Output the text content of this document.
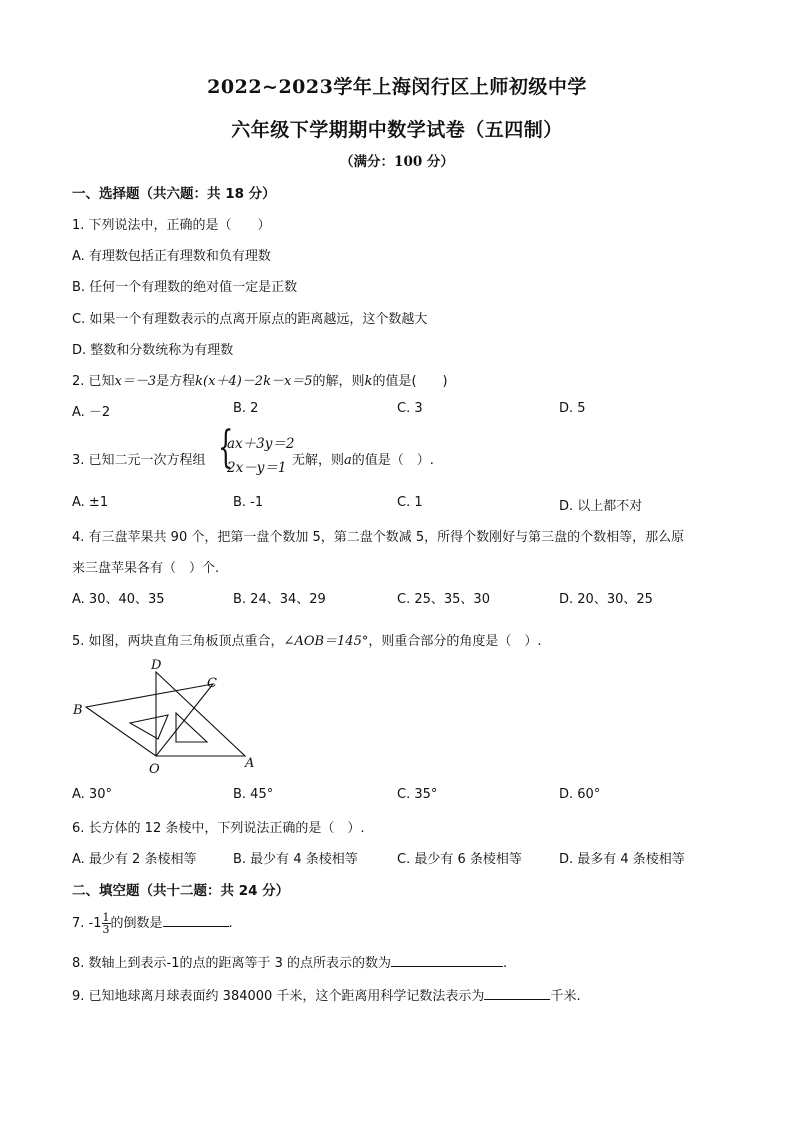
2022~2023学年上海闵行区上师初级中学
六年级下学期期中数学试卷（五四制）
（满分：100 分）
一、选择题（共六题：共 18 分）
1. 下列说法中，正确的是（　　）
A. 有理数包括正有理数和负有理数
B. 任何一个有理数的绝对值一定是正数
C. 如果一个有理数表示的点离开原点的距离越远，这个数越大
D. 整数和分数统称为有理数
2. 已知x＝－3是方程k(x＋4)－2k－x＝5的解，则k的值是(　　)
A. －2	B. 2	C. 3	D. 5
3. 已知二元一次方程组 {
ax＋3y＝2
2x－y＝1 无解，则a的值是（　）.
A. ±1	B. -1	C. 1	D. 以上都不对
4. 有三盘苹果共 90 个，把第一盘个数加 5，第二盘个数减 5，所得个数刚好与第三盘的个数相等，那么原
来三盘苹果各有（　）个.
A. 30、40、35	B. 24、34、29	C. 25、35、30	D. 20、30、25
5. 如图，两块直角三角板顶点重合，∠AOB＝145°，则重合部分的角度是（　）.
D
C
B
O	A
A. 30°	B. 45°	C. 35°	D. 60°
6. 长方体的 12 条棱中，下列说法正确的是（　）.
A. 最少有 2 条棱相等	B. 最少有 4 条棱相等	C. 最少有 6 条棱相等	D. 最多有 4 条棱相等
二、填空题（共十二题：共 24 分）
7. $-1 \frac{1}{3}$ 的倒数是	.
8. 数轴上到表示-1的点的距离等于 3 的点所表示的数为	.
9. 已知地球离月球表面约 384000 千米，这个距离用科学记数法表示为	千米.
